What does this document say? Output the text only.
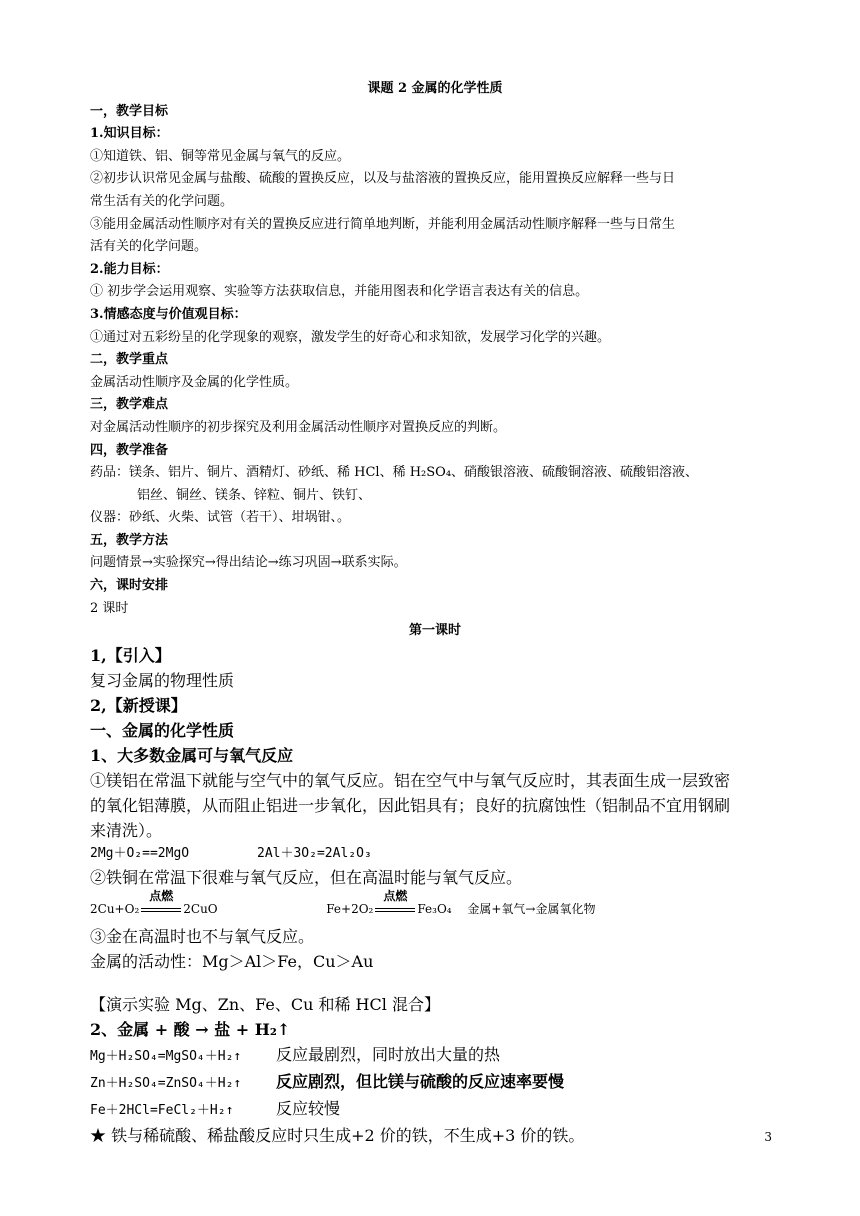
课题 2 金属的化学性质
一，教学目标
1.知识目标：
①知道铁、铝、铜等常见金属与氧气的反应。
②初步认识常见金属与盐酸、硫酸的置换反应，以及与盐溶液的置换反应，能用置换反应解释一些与日
常生活有关的化学问题。
③能用金属活动性顺序对有关的置换反应进行简单地判断，并能利用金属活动性顺序解释一些与日常生
活有关的化学问题。
2.能力目标：
① 初步学会运用观察、实验等方法获取信息，并能用图表和化学语言表达有关的信息。
3.情感态度与价值观目标：
①通过对五彩纷呈的化学现象的观察，激发学生的好奇心和求知欲，发展学习化学的兴趣。
二，教学重点
金属活动性顺序及金属的化学性质。
三，教学难点
对金属活动性顺序的初步探究及利用金属活动性顺序对置换反应的判断。
四，教学准备
药品：镁条、铝片、铜片、酒精灯、砂纸、稀 HCl、稀 H₂SO₄、硝酸银溶液、硫酸铜溶液、硫酸铝溶液、
铝丝、铜丝、镁条、锌粒、铜片、铁钉、
仪器：砂纸、火柴、试管（若干）、坩埚钳、。
五，教学方法
问题情景→实验探究→得出结论→练习巩固→联系实际。
六，课时安排
2 课时
第一课时
1,【引入】
复习金属的物理性质
2,【新授课】
一、金属的化学性质
1、大多数金属可与氧气反应
①镁铝在常温下就能与空气中的氧气反应。铝在空气中与氧气反应时，其表面生成一层致密
的氧化铝薄膜，从而阻止铝进一步氧化，因此铝具有；良好的抗腐蚀性（铝制品不宜用钢刷
来清洗）。
2Mg＋O₂==2MgO	2Al＋3O₂=2Al₂O₃
②铁铜在常温下很难与氧气反应，但在高温时能与氧气反应。
2Cu+O₂
点燃
2CuO	Fe+2O₂
点燃
Fe₃O₄	金属+氧气→金属氧化物
③金在高温时也不与氧气反应。
金属的活动性：Mg＞Al＞Fe，Cu＞Au
【演示实验 Mg、Zn、Fe、Cu 和稀 HCl 混合】
2、金属 + 酸 → 盐 + H₂↑
Mg＋H₂SO₄=MgSO₄＋H₂↑	反应最剧烈，同时放出大量的热
Zn＋H₂SO₄=ZnSO₄＋H₂↑	反应剧烈，但比镁与硫酸的反应速率要慢
Fe＋2HCl=FeCl₂＋H₂↑	反应较慢
★ 铁与稀硫酸、稀盐酸反应时只生成+2 价的铁，不生成+3 价的铁。	3
